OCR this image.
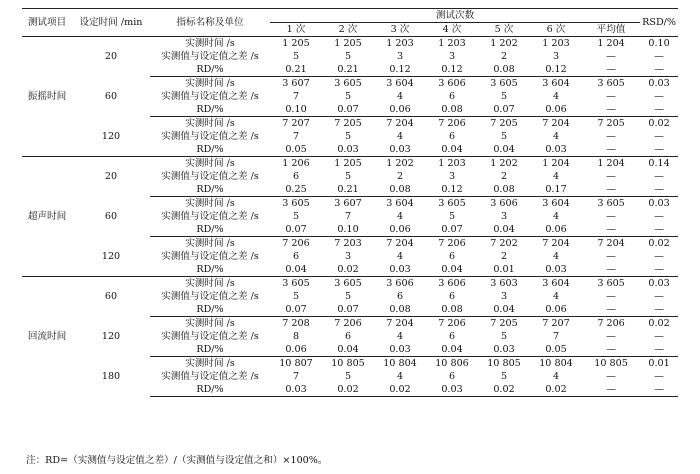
测试项目	设定时间 /min	指标名称及单位	测试次数							RSD/%
			1 次	2 次	3 次	4 次	5 次	6 次	平均值	
振摇时间	20	实测时间 /s	1 205	1 205	1 203	1 203	1 202	1 203	1 204	0.10
		实测值与设定值之差 /s	5	5	3	3	2	3	—	—
		RD/%	0.21	0.21	0.12	0.12	0.08	0.12	—	—
	60	实测时间 /s	3 607	3 605	3 604	3 606	3 605	3 604	3 605	0.03
		实测值与设定值之差 /s	7	5	4	6	5	4	—	—
		RD/%	0.10	0.07	0.06	0.08	0.07	0.06	—	—
	120	实测时间 /s	7 207	7 205	7 204	7 206	7 205	7 204	7 205	0.02
		实测值与设定值之差 /s	7	5	4	6	5	4	—	—
		RD/%	0.05	0.03	0.03	0.04	0.04	0.03	—	—
超声时间	20	实测时间 /s	1 206	1 205	1 202	1 203	1 202	1 204	1 204	0.14
		实测值与设定值之差 /s	6	5	2	3	2	4	—	—
		RD/%	0.25	0.21	0.08	0.12	0.08	0.17	—	—
	60	实测时间 /s	3 605	3 607	3 604	3 605	3 606	3 604	3 605	0.03
		实测值与设定值之差 /s	5	7	4	5	3	4	—	—
		RD/%	0.07	0.10	0.06	0.07	0.04	0.06	—	—
	120	实测时间 /s	7 206	7 203	7 204	7 206	7 202	7 204	7 204	0.02
		实测值与设定值之差 /s	6	3	4	6	2	4	—	—
		RD/%	0.04	0.02	0.03	0.04	0.01	0.03	—	—
回流时间	60	实测时间 /s	3 605	3 605	3 606	3 606	3 603	3 604	3 605	0.03
		实测值与设定值之差 /s	5	5	6	6	3	4	—	—
		RD/%	0.07	0.07	0.08	0.08	0.04	0.06	—	—
	120	实测时间 /s	7 208	7 206	7 204	7 206	7 205	7 207	7 206	0.02
		实测值与设定值之差 /s	8	6	4	6	5	7	—	—
		RD/%	0.06	0.04	0.03	0.04	0.03	0.05	—	—
	180	实测时间 /s	10 807	10 805	10 804	10 806	10 805	10 804	10 805	0.01
		实测值与设定值之差 /s	7	5	4	6	5	4	—	—
		RD/%	0.03	0.02	0.02	0.03	0.02	0.02	—	—
注：RD=（实测值与设定值之差）/（实测值与设定值之和）×100%。
